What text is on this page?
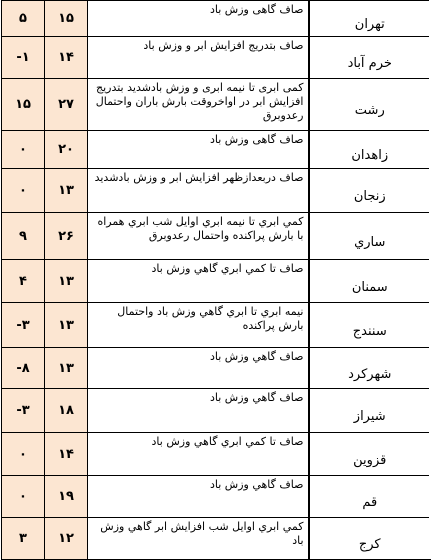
۵	۱۵	صاف گاهی وزش باد	تهران
-۱	۱۴	صاف بتدریج افزایش ابر و وزش باد	خرم آباد
۱۵	۲۷	کمی ابری تا نیمه ابری و وزش بادشدید بتدریج افزایش ابر در اواخروقت بارش باران واحتمال رعدوبرق	رشت
۰	۲۰	صاف گاهی وزش باد	زاهدان
۰	۱۳	صاف دربعدازظهر افزایش ابر و وزش بادشدید	زنجان
۹	۲۶	کمي ابري تا نیمه ابري اوایل شب ابري همراه با بارش پراکنده واحتمال رعدوبرق	ساري
۴	۱۳	صاف تا کمي ابري گاهي وزش باد	سمنان
-۳	۱۳	نیمه ابري تا ابري گاهي وزش باد واحتمال بارش پراکنده	سنندج
-۸	۱۳	صاف گاهي وزش باد	شهرکرد
-۳	۱۸	صاف گاهي وزش باد	شیراز
۰	۱۴	صاف تا کمي ابري گاهي وزش باد	قزوين
۰	۱۹	صاف گاهي وزش باد	قم
۳	۱۲	کمي ابري اوايل شب افزايش ابر گاهي وزش باد	کرج
